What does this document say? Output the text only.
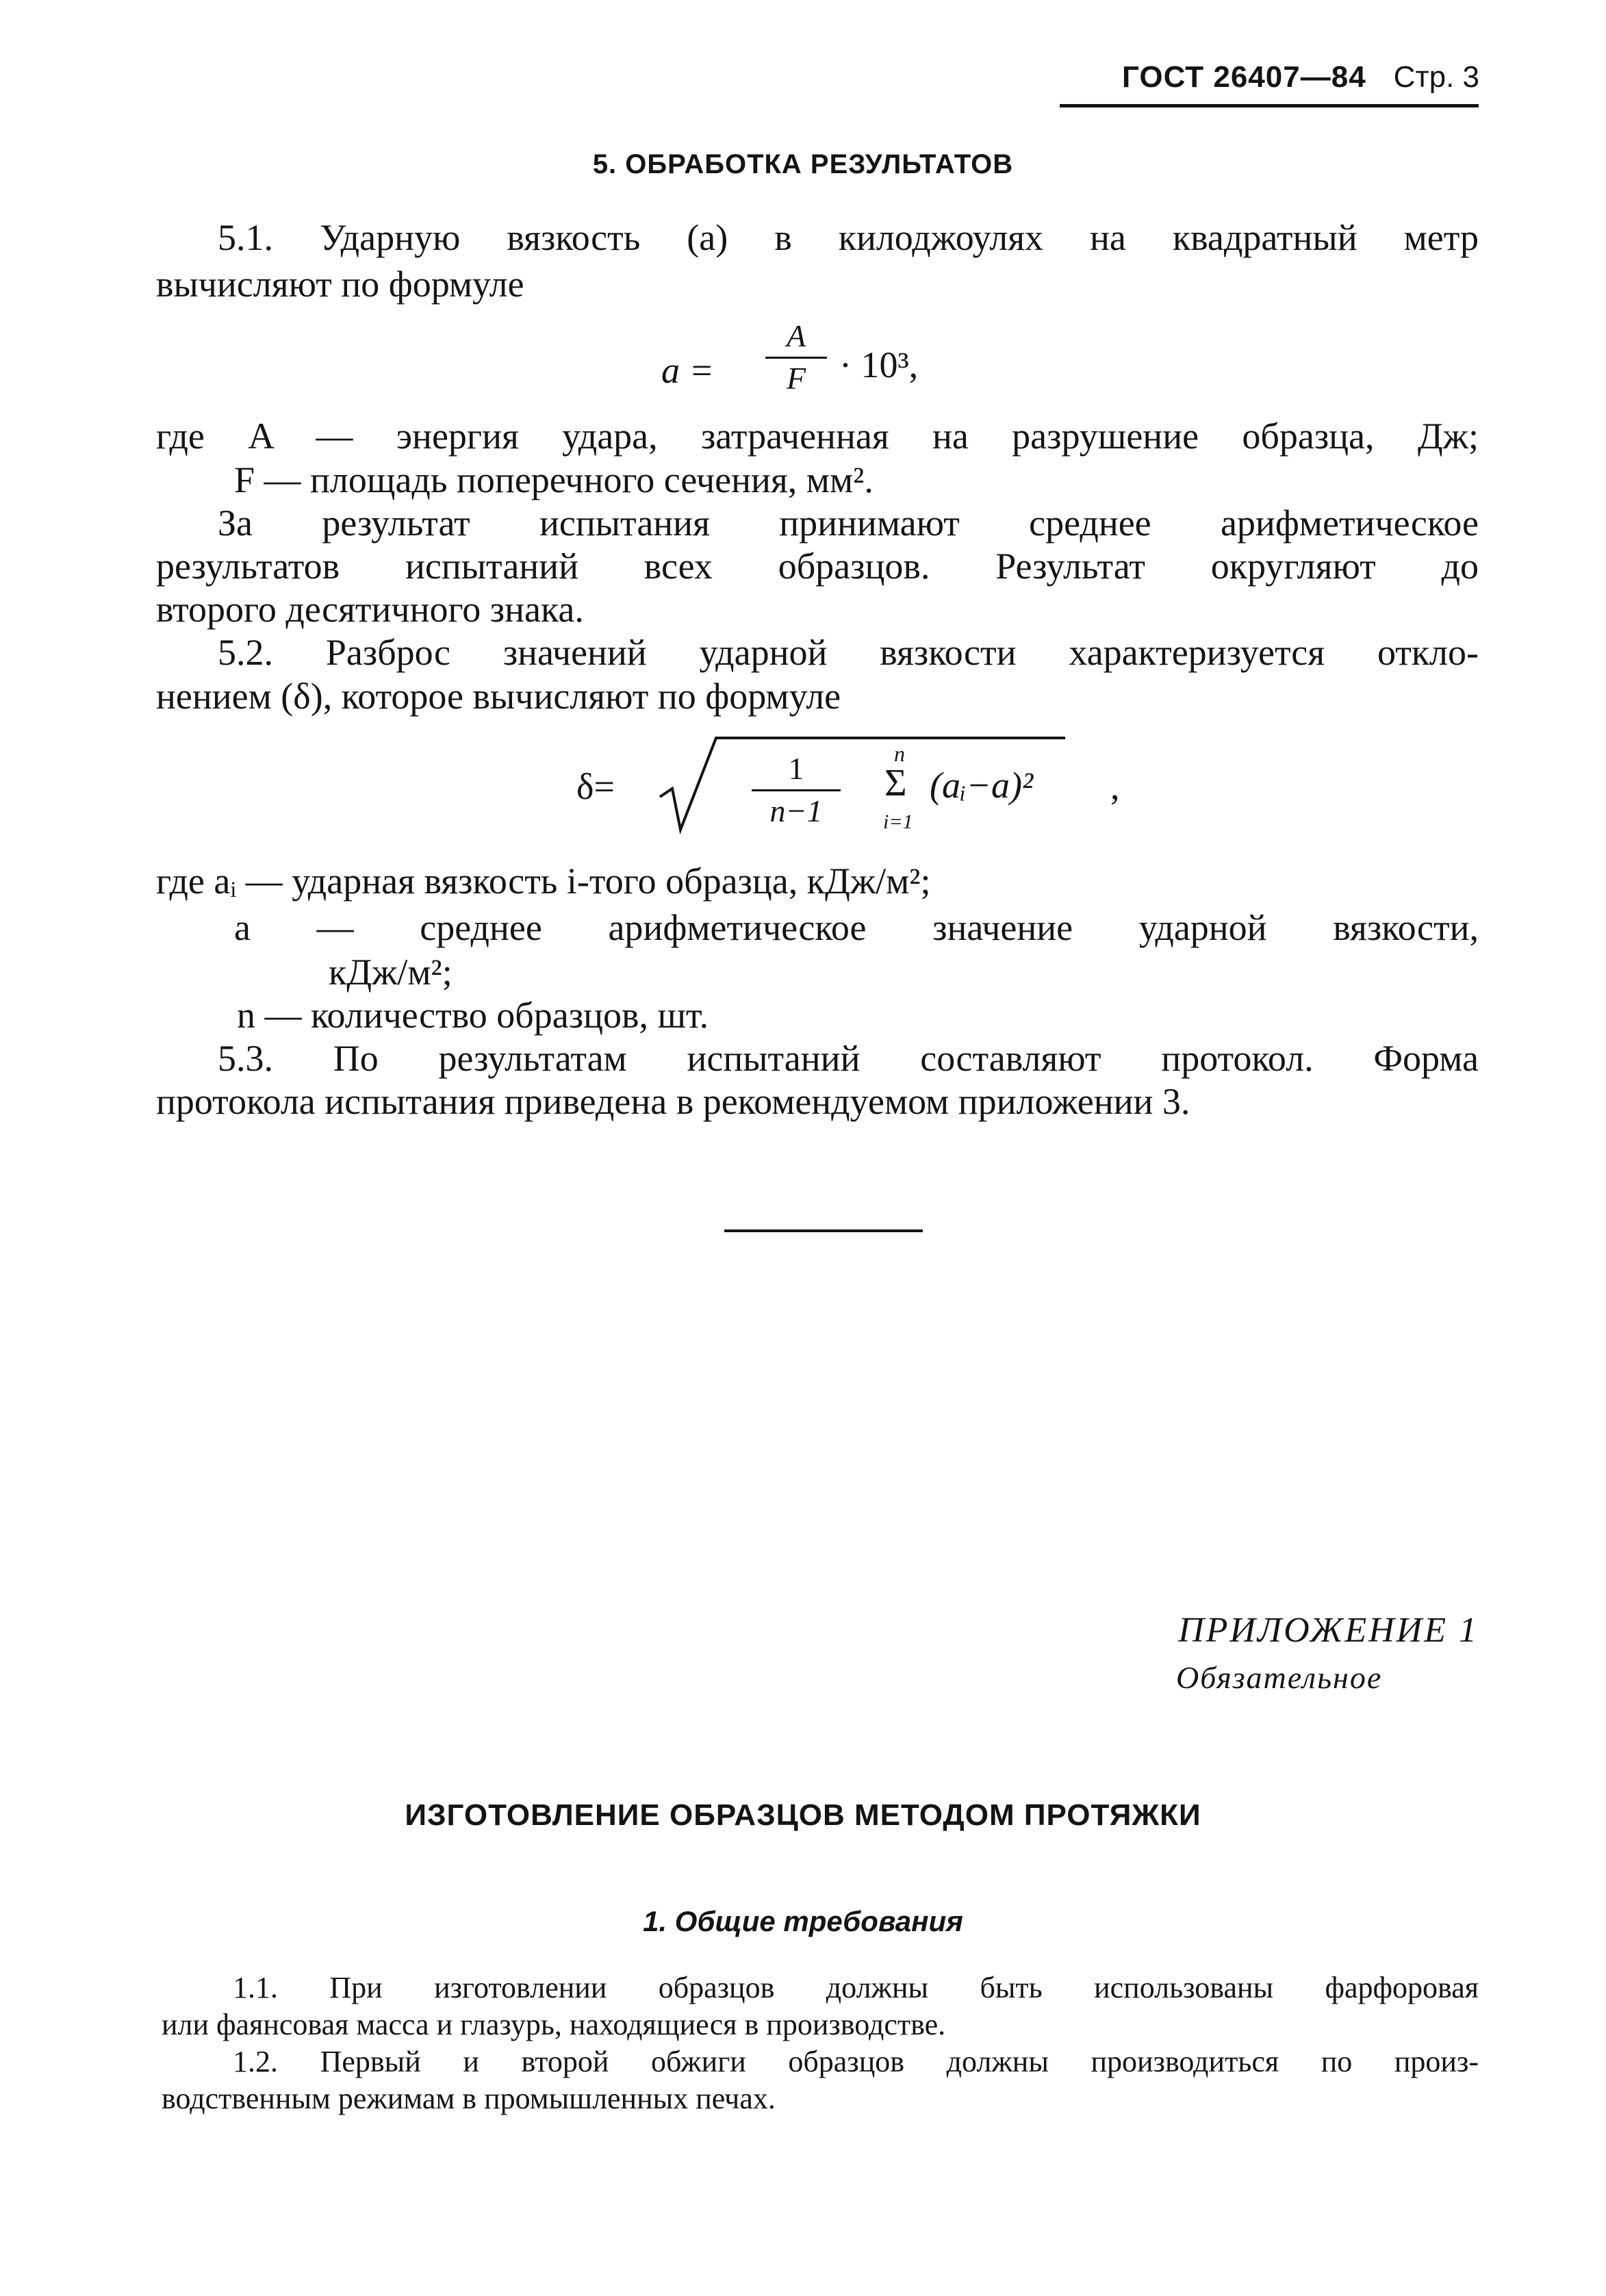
ГОСТ 26407—84 Стр. 3
5. ОБРАБОТКА РЕЗУЛЬТАТОВ
5.1. Ударную вязкость (a) в килоджоулях на квадратный метр
вычисляют по формуле
a =
A
F · 10³,
где A — энергия удара, затраченная на разрушение образца, Дж;
F — площадь поперечного сечения, мм².
За результат испытания принимают среднее арифметическое
результатов испытаний всех образцов. Результат округляют до
второго десятичного знака.
5.2. Разброс значений ударной вязкости характеризуется откло-
нением (δ), которое вычисляют по формуле
δ=	1
n−1
n
Σ
i=1
(aᵢ−a)² ,
где aᵢ — ударная вязкость i-того образца, кДж/м²;
a — среднее арифметическое значение ударной вязкости,
кДж/м²;
n — количество образцов, шт.
5.3. По результатам испытаний составляют протокол. Форма
протокола испытания приведена в рекомендуемом приложении 3.
ПРИЛОЖЕНИЕ 1
Обязательное
ИЗГОТОВЛЕНИЕ ОБРАЗЦОВ МЕТОДОМ ПРОТЯЖКИ
1. Общие требования
1.1. При изготовлении образцов должны быть использованы фарфоровая
или фаянсовая масса и глазурь, находящиеся в производстве.
1.2. Первый и второй обжиги образцов должны производиться по произ-
водственным режимам в промышленных печах.
